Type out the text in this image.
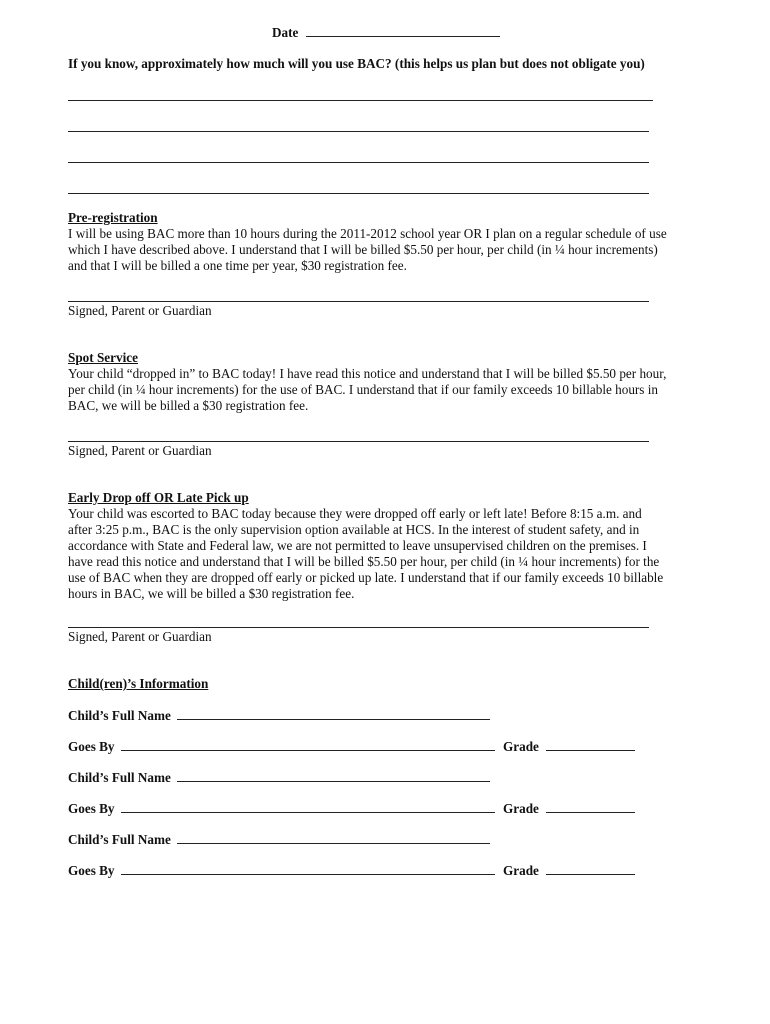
Date
If you know, approximately how much will you use BAC? (this helps us plan but does not obligate you)

Pre-registration

I will be using BAC more than 10 hours during the 2011-2012 school year OR I plan on a regular schedule of use

which I have described above. I understand that I will be billed $5.50 per hour, per child (in ¼ hour increments)

and that I will be billed a one time per year, $30 registration fee.

Signed, Parent or Guardian

Spot Service

Your child “dropped in” to BAC today! I have read this notice and understand that I will be billed $5.50 per hour,

per child (in ¼ hour increments) for the use of BAC. I understand that if our family exceeds 10 billable hours in

BAC, we will be billed a $30 registration fee.

Signed, Parent or Guardian

Early Drop off OR Late Pick up

Your child was escorted to BAC today because they were dropped off early or left late! Before 8:15 a.m. and

after 3:25 p.m., BAC is the only supervision option available at HCS. In the interest of student safety, and in

accordance with State and Federal law, we are not permitted to leave unsupervised children on the premises. I

have read this notice and understand that I will be billed $5.50 per hour, per child (in ¼ hour increments) for the

use of BAC when they are dropped off early or picked up late. I understand that if our family exceeds 10 billable

hours in BAC, we will be billed a $30 registration fee.

Signed, Parent or Guardian
Child(ren)’s Information
Child’s Full Name
Goes By	Grade
Child’s Full Name
Goes By	Grade
Child’s Full Name
Goes By	Grade
